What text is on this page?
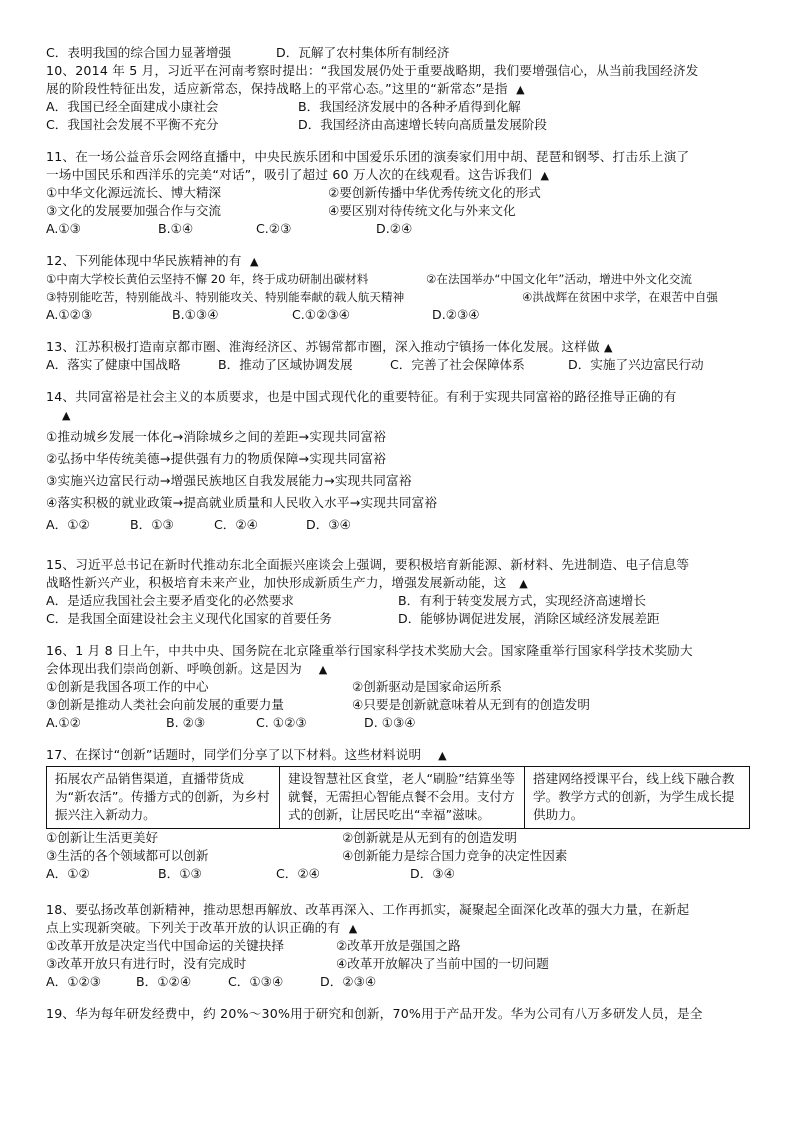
C．表明我国的综合国力显著增强	D．瓦解了农村集体所有制经济
10、2014 年 5 月，习近平在河南考察时提出：“我国发展仍处于重要战略期，我们要增强信心，从当前我国经济发
展的阶段性特征出发，适应新常态，保持战略上的平常心态。”这里的“新常态”是指 ▲
A．我国已经全面建成小康社会	B．我国经济发展中的各种矛盾得到化解
C．我国社会发展不平衡不充分	D．我国经济由高速增长转向高质量发展阶段
11、在一场公益音乐会网络直播中，中央民族乐团和中国爱乐乐团的演奏家们用中胡、琵琶和钢琴、打击乐上演了
一场中国民乐和西洋乐的完美“对话”，吸引了超过 60 万人次的在线观看。这告诉我们 ▲
①中华文化源远流长、博大精深	②要创新传播中华优秀传统文化的形式
③文化的发展要加强合作与交流	④要区别对待传统文化与外来文化
A.①③	B.①④	C.②③	D.②④
12、下列能体现中华民族精神的有 ▲
①中南大学校长黄伯云坚持不懈 20 年，终于成功研制出碳材料	②在法国举办“中国文化年”活动，增进中外文化交流
③特别能吃苦，特别能战斗、特别能攻关、特别能奉献的载人航天精神	④洪战辉在贫困中求学，在艰苦中自强
A.①②③	B.①③④	C.①②③④	D.②③④
13、江苏积极打造南京都市圈、淮海经济区、苏锡常都市圈，深入推动宁镇扬一体化发展。这样做 ▲
A．落实了健康中国战略	B．推动了区域协调发展	C．完善了社会保障体系	D．实施了兴边富民行动
14、共同富裕是社会主义的本质要求，也是中国式现代化的重要特征。有利于实现共同富裕的路径推导正确的有
▲
①推动城乡发展一体化→消除城乡之间的差距→实现共同富裕
②弘扬中华传统美德→提供强有力的物质保障→实现共同富裕
③实施兴边富民行动→增强民族地区自我发展能力→实现共同富裕
④落实积极的就业政策→提高就业质量和人民收入水平→实现共同富裕
A．①②	B．①③	C．②④	D．③④
15、习近平总书记在新时代推动东北全面振兴座谈会上强调，要积极培育新能源、新材料、先进制造、电子信息等
战略性新兴产业，积极培育未来产业，加快形成新质生产力，增强发展新动能，这 ▲
A．是适应我国社会主要矛盾变化的必然要求	B．有利于转变发展方式，实现经济高速增长
C．是我国全面建设社会主义现代化国家的首要任务	D．能够协调促进发展，消除区域经济发展差距
16、1 月 8 日上午，中共中央、国务院在北京隆重举行国家科学技术奖励大会。国家隆重举行国家科学技术奖励大
会体现出我们崇尚创新、呼唤创新。这是因为 ▲
①创新是我国各项工作的中心	②创新驱动是国家命运所系
③创新是推动人类社会向前发展的重要力量	④只要是创新就意味着从无到有的创造发明
A.①②	B. ②③	C. ①②③	D. ①③④
17、在探讨“创新”话题时，同学们分享了以下材料。这些材料说明 ▲
拓展农产品销售渠道，直播带货成为“新农活”。传播方式的创新，为乡村振兴注入新动力。	建设智慧社区食堂，老人“刷脸”结算坐等就餐，无需担心智能点餐不会用。支付方式的创新，让居民吃出“幸福”滋味。	搭建网络授课平台，线上线下融合教学。教学方式的创新，为学生成长提供助力。
①创新让生活更美好	②创新就是从无到有的创造发明
③生活的各个领域都可以创新	④创新能力是综合国力竞争的决定性因素
A．①②	B．①③	C．②④	D．③④
18、要弘扬改革创新精神，推动思想再解放、改革再深入、工作再抓实，凝聚起全面深化改革的强大力量，在新起
点上实现新突破。下列关于改革开放的认识正确的有 ▲
①改革开放是决定当代中国命运的关键抉择	②改革开放是强国之路
③改革开放只有进行时，没有完成时	④改革开放解决了当前中国的一切问题
A．①②③	B．①②④	C．①③④	D．②③④
19、华为每年研发经费中，约 20%～30%用于研究和创新，70%用于产品开发。华为公司有八万多研发人员，是全
